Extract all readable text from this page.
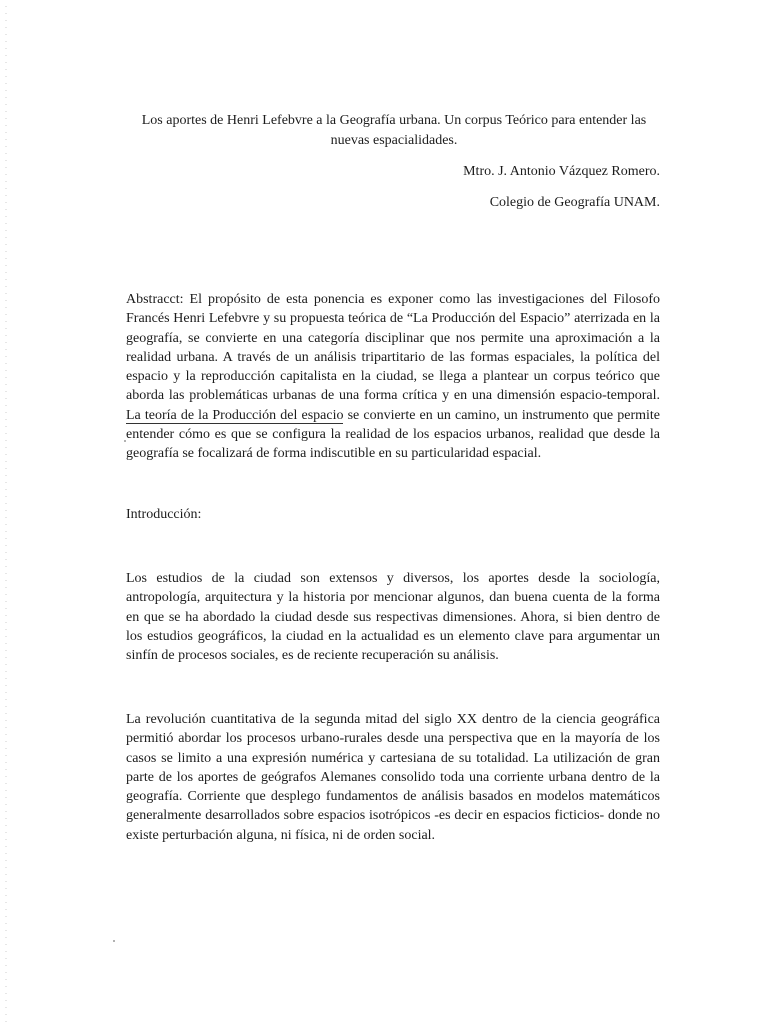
Los aportes de Henri Lefebvre a la Geografía urbana. Un corpus Teórico para entender las nuevas espacialidades.

Mtro. J. Antonio Vázquez Romero.

Colegio de Geografía UNAM.

Abstracct: El propósito de esta ponencia es exponer como las investigaciones del Filosofo Francés Henri Lefebvre y su propuesta teórica de “La Producción del Espacio” aterrizada en la geografía, se convierte en una categoría disciplinar que nos permite una aproximación a la realidad urbana. A través de un análisis tripartitario de las formas espaciales, la política del espacio y la reproducción capitalista en la ciudad, se llega a plantear un corpus teórico que aborda las problemáticas urbanas de una forma crítica y en una dimensión espacio-temporal. La teoría de la Producción del espacio se convierte en un camino, un instrumento que permite entender cómo es que se configura la realidad de los espacios urbanos, realidad que desde la geografía se focalizará de forma indiscutible en su particularidad espacial.

Introducción:

Los estudios de la ciudad son extensos y diversos, los aportes desde la sociología, antropología, arquitectura y la historia por mencionar algunos, dan buena cuenta de la forma en que se ha abordado la ciudad desde sus respectivas dimensiones. Ahora, si bien dentro de los estudios geográficos, la ciudad en la actualidad es un elemento clave para argumentar un sinfín de procesos sociales, es de reciente recuperación su análisis.

La revolución cuantitativa de la segunda mitad del siglo XX dentro de la ciencia geográfica permitió abordar los procesos urbano-rurales desde una perspectiva que en la mayoría de los casos se limito a una expresión numérica y cartesiana de su totalidad. La utilización de gran parte de los aportes de geógrafos Alemanes consolido toda una corriente urbana dentro de la geografía. Corriente que desplego fundamentos de análisis basados en modelos matemáticos generalmente desarrollados sobre espacios isotrópicos -es decir en espacios ficticios- donde no existe perturbación alguna, ni física, ni de orden social.
